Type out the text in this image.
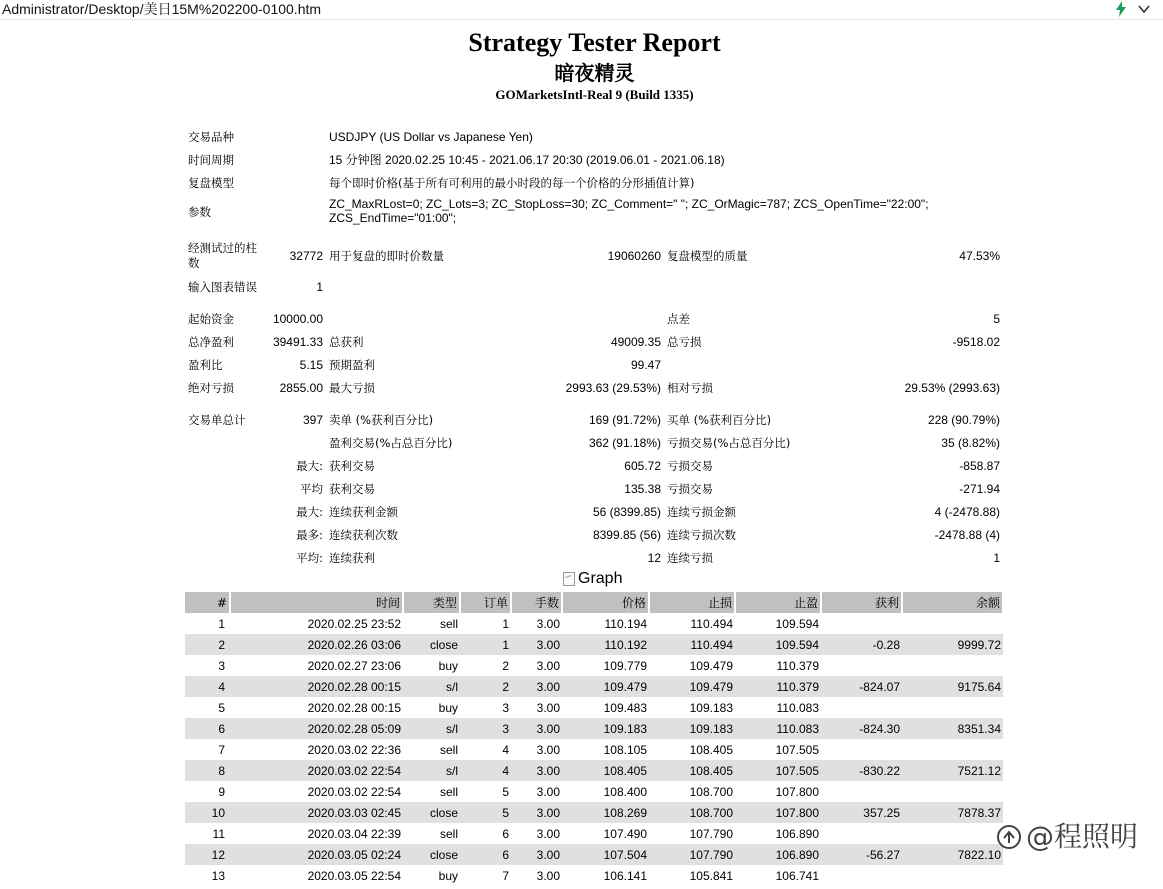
Administrator/Desktop/美日15M%202200-0100.htm
Strategy Tester Report
暗夜精灵
GOMarketsIntl-Real 9 (Build 1335)
交易品种	USDJPY (US Dollar vs Japanese Yen)
时间周期	15 分钟图 2020.02.25 10:45 - 2021.06.17 20:30 (2019.06.01 - 2021.06.18)
复盘模型	每个即时价格(基于所有可利用的最小时段的每一个价格的分形插值计算)
参数
ZC_MaxRLost=0; ZC_Lots=3; ZC_StopLoss=30; ZC_Comment=" "; ZC_OrMagic=787; ZCS_OpenTime="22:00"; ZCS_EndTime="01:00";
经测试过的柱数	32772 用于复盘的即时价数量	19060260 复盘模型的质量	47.53%
输入图表错误	1
起始资金	10000.00	点差	5
总净盈利	39491.33 总获利	49009.35 总亏损	-9518.02
盈利比	5.15 预期盈利	99.47
绝对亏损	2855.00 最大亏损	2993.63 (29.53%) 相对亏损	29.53% (2993.63)
交易单总计	397 卖单 (%获利百分比)	169 (91.72%) 买单 (%获利百分比)	228 (90.79%)
盈利交易(%占总百分比)	362 (91.18%) 亏损交易(%占总百分比)	35 (8.82%)
最大: 获利交易	605.72 亏损交易	-858.87
平均 获利交易	135.38 亏损交易	-271.94
最大: 连续获利金额	56 (8399.85) 连续亏损金额	4 (-2478.88)
最多: 连续获利次数	8399.85 (56) 连续亏损次数	-2478.88 (4)
平均: 连续获利	12 连续亏损	1
Graph
#	时间	类型	订单	手数	价格	止损	止盈	获利	余额
1	2020.02.25 23:52	sell	1	3.00	110.194	110.494	109.594		
2	2020.02.26 03:06	close	1	3.00	110.192	110.494	109.594	-0.28	9999.72
3	2020.02.27 23:06	buy	2	3.00	109.779	109.479	110.379		
4	2020.02.28 00:15	s/l	2	3.00	109.479	109.479	110.379	-824.07	9175.64
5	2020.02.28 00:15	buy	3	3.00	109.483	109.183	110.083		
6	2020.02.28 05:09	s/l	3	3.00	109.183	109.183	110.083	-824.30	8351.34
7	2020.03.02 22:36	sell	4	3.00	108.105	108.405	107.505		
8	2020.03.02 22:54	s/l	4	3.00	108.405	108.405	107.505	-830.22	7521.12
9	2020.03.02 22:54	sell	5	3.00	108.400	108.700	107.800		
10	2020.03.03 02:45	close	5	3.00	108.269	108.700	107.800	357.25	7878.37
11	2020.03.04 22:39	sell	6	3.00	107.490	107.790	106.890		
12	2020.03.05 02:24	close	6	3.00	107.504	107.790	106.890	-56.27	7822.10
13	2020.03.05 22:54	buy	7	3.00	106.141	105.841	106.741		
@程照明
